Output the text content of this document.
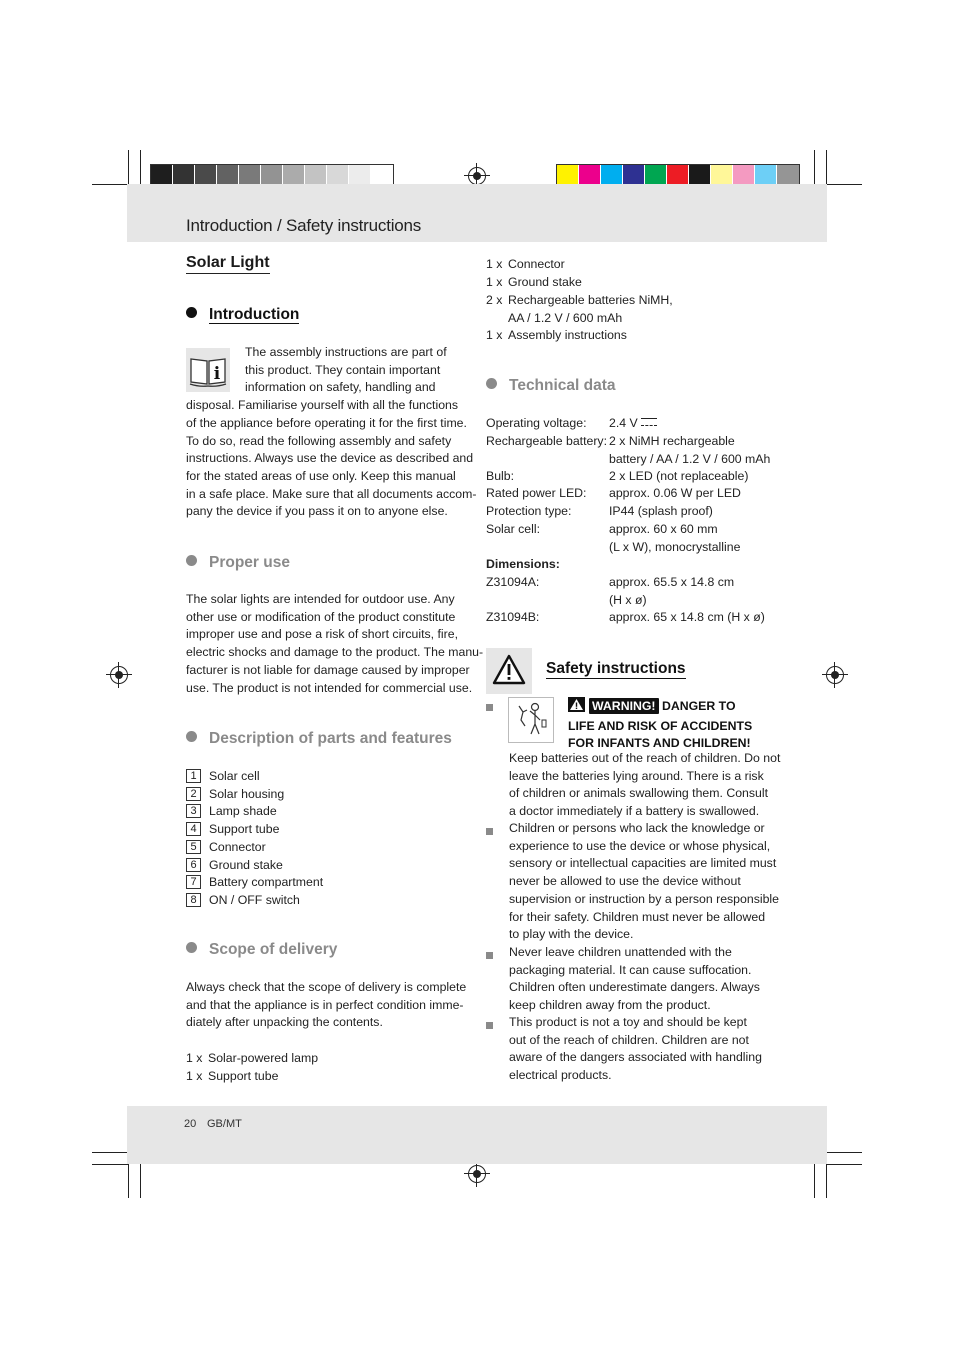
Introduction / Safety instructions
Solar Light
Introduction
i
The assembly instructions are part of
this product. They contain important
information on safety, handling and
disposal. Familiarise yourself with all the functions
of the appliance before operating it for the first time.
To do so, read the following assembly and safety
instructions. Always use the device as described and
for the stated areas of use only. Keep this manual
in a safe place. Make sure that all documents accom-
pany the device if you pass it on to anyone else.
Proper use
The solar lights are intended for outdoor use. Any
other use or modification of the product constitute
improper use and pose a risk of short circuits, fire,
electric shocks and damage to the product. The manu-
facturer is not liable for damage caused by improper
use. The product is not intended for commercial use.
Description of parts and features
1	Solar cell
2	Solar housing
3	Lamp shade
4	Support tube
5	Connector
6	Ground stake
7	Battery compartment
8	ON / OFF switch
Scope of delivery
Always check that the scope of delivery is complete
and that the appliance is in perfect condition imme-
diately after unpacking the contents.
1 x Solar-powered lamp
1 x Support tube
1 x Connector
1 x Ground stake
2 x Rechargeable batteries NiMH,
AA / 1.2 V / 600 mAh
1 x Assembly instructions
Technical data
Operating voltage: 2.4 V
Rechargeable battery: 2 x NiMH rechargeable
battery / AA / 1.2 V / 600 mAh
Bulb:	2 x LED (not replaceable)
Rated power LED: approx. 0.06 W per LED
Protection type:	IP44 (splash proof)
Solar cell:	approx. 60 x 60 mm
(L x W), monocrystalline
Dimensions:
Z31094A:	approx. 65.5 x 14.8 cm
(H x ø)
Z31094B:	approx. 65 x 14.8 cm (H x ø)
Safety instructions
WARNING! DANGER TO
LIFE AND RISK OF ACCIDENTS
FOR INFANTS AND CHILDREN!
Keep batteries out of the reach of children. Do not
leave the batteries lying around. There is a risk
of children or animals swallowing them. Consult
a doctor immediately if a battery is swallowed.
Children or persons who lack the knowledge or
experience to use the device or whose physical,
sensory or intellectual capacities are limited must
never be allowed to use the device without
supervision or instruction by a person responsible
for their safety. Children must never be allowed
to play with the device.
Never leave children unattended with the
packaging material. It can cause suffocation.
Children often underestimate dangers. Always
keep children away from the product.
This product is not a toy and should be kept
out of the reach of children. Children are not
aware of the dangers associated with handling
electrical products.
20 GB/MT
